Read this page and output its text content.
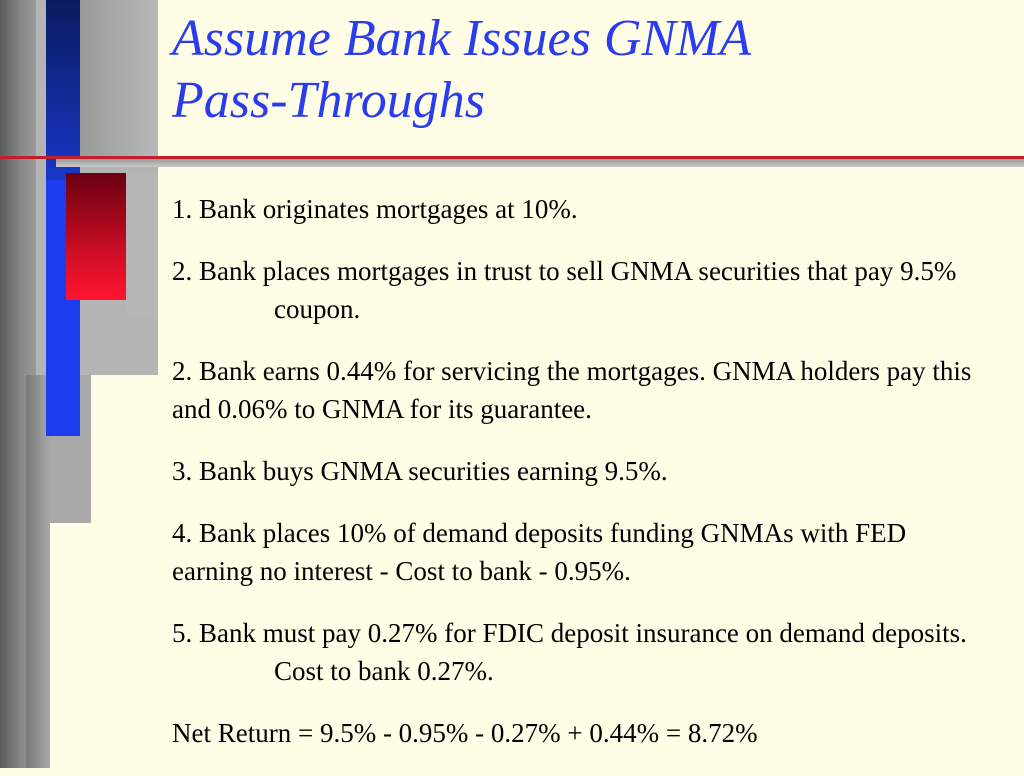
Assume Bank Issues GNMA
Pass-Throughs

1. Bank originates mortgages at 10%.

2. Bank places mortgages in trust to sell GNMA securities that pay 9.5% coupon.

2. Bank earns 0.44% for servicing the mortgages. GNMA holders pay this and 0.06% to GNMA for its guarantee.

3. Bank buys GNMA securities earning 9.5%.

4. Bank places 10% of demand deposits funding GNMAs with FED earning no interest - Cost to bank - 0.95%.

5. Bank must pay 0.27% for FDIC deposit insurance on demand deposits. Cost to bank 0.27%.

Net Return = 9.5% - 0.95% - 0.27% + 0.44% = 8.72%
